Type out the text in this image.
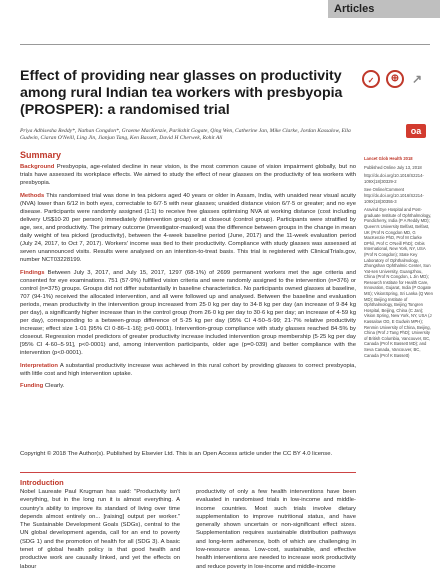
Articles
Effect of providing near glasses on productivity among rural Indian tea workers with presbyopia (PROSPER): a randomised trial
✓	⊕	↗
oa
Priya Adhisesha Reddy*, Nathan Congdon*, Graeme MacKenzie, Parikshit Gogate, Qing Wen, Catherine Jan, Mike Clarke, Jordan Kassalow, Ella Gudwin, Ciaran O'Neill, Ling Jin, Jianjun Tang, Ken Bassett, David H Cherwek, Rohit Ali
Summary

Background Presbyopia, age-related decline in near vision, is the most common cause of vision impairment globally, but no trials have assessed its workplace effects. We aimed to study the effect of near glasses on the productivity of tea workers with presbyopia.

Methods This randomised trial was done in tea pickers aged 40 years or older in Assam, India, with unaided near visual acuity (NVA) lower than 6/12 in both eyes, correctable to 6/7·5 with near glasses; unaided distance vision 6/7·5 or greater; and no eye disease. Participants were randomly assigned (1:1) to receive free glasses optimising NVA at working distance (cost including delivery US$10·20 per person) immediately (intervention group) or at closeout (control group). Participants were stratified by age, sex, and productivity. The primary outcome (investigator-masked) was the difference between groups in the change in mean daily weight of tea picked (productivity), between the 4-week baseline period (June, 2017) and the 11-week evaluation period (July 24, 2017, to Oct 7, 2017). Workers' income was tied to their productivity. Compliance with study glasses was assessed at seven unannounced visits. Results were analysed on an intention-to-treat basis. This trial is registered with ClinicalTrials.gov, number NCT03228199.

Findings Between July 3, 2017, and July 15, 2017, 1297 (68·1%) of 2699 permanent workers met the age criteria and consented for eye examinations. 751 (57·9%) fulfilled vision criteria and were randomly assigned to the intervention (n=376) or control (n=375) groups. Groups did not differ substantially in baseline characteristics. No participants owned glasses at baseline, 707 (94·1%) received the allocated intervention, and all were followed up and analysed. Between the baseline and evaluation periods, mean productivity in the intervention group increased from 25·0 kg per day to 34·8 kg per day (an increase of 9·84 kg per day), a significantly higher increase than in the control group (from 26·0 kg per day to 30·6 kg per day; an increase of 4·59 kg per day), corresponding to a between-group difference of 5·25 kg per day (95% CI 4·50–5·99; 21·7% relative productivity increase; effect size 1·01 [95% CI 0·86–1·16]; p<0·0001). Intervention-group compliance with study glasses reached 84·5% by closeout. Regression model predictors of greater productivity increase included intervention group membership (5·25 kg per day [95% CI 4·60–5·91], p<0·0001) and, among intervention participants, older age (p=0·039) and better compliance with the intervention (p<0·0001).

Interpretation A substantial productivity increase was achieved in this rural cohort by providing glasses to correct presbyopia, with little cost and high intervention uptake.

Funding Clearly.

Lancet Glob Health 2018

Published Online July 13, 2018

http://dx.doi.org/10.1016/S2214-109X(18)30329-2

See Online/Comment http://dx.doi.org/10.1016/S2214-109X(18)30355-3

Aravind Eye Hospital and Post-graduate Institute of Ophthalmology, Pondicherry, India (P A Reddy MD); Queen's University Belfast, Belfast, UK (Prof N Congdon MD, G MacKenzie PhD, Prof M Clarke DPhil, Prof C O'Neill PhD); Orbis International, New York, NY, USA (Prof N Congdon); State Key Laboratory of Ophthalmology, Zhongshan Ophthalmic Center, Sun Yat-sen University, Guangzhou, China (Prof N Congdon, L Jin MD); Research Institute for Health Care, Innovation, Gujarat, India (P Gogate MS); VisionSpring, Sri Lanka (Q Wen MD); Beijing Institute of Ophthalmology, Beijing Tongren Hospital, Beijing, China (C Jan); Vision Spring, New York, NY, USA (J Kassalow OD, E Gudwin MPH); Renmin University of China, Beijing, China (Prof J Tang PhD); University of British Columbia, Vancouver, BC, Canada (Prof K Bassett MD); and Seva Canada, Vancouver, BC, Canada (Prof K Bassett)

Copyright © 2018 The Author(s). Published by Elsevier Ltd. This is an Open Access article under the CC BY 4.0 license.
Introduction
Nobel Laureate Paul Krugman has said: "Productivity isn't everything, but in the long run it is almost everything. A country's ability to improve its standard of living over time depends almost entirely on... [raising] output per worker." The Sustainable Development Goals (SDGs), central to the UN global development agenda, call for an end to poverty (SDG 1) and the promotion of health for all (SDG 3). A basic tenet of global health policy is that good health and productive work are causally linked, and yet the effects on labour
productivity of only a few health interventions have been evaluated in randomised trials in low-income and middle-income countries. Most such trials involve dietary supplementation to improve nutritional status, and have generally shown uncertain or non-significant effect sizes. Supplementation requires sustainable distribution pathways and long-term adherence, both of which are challenging in low-resource areas. Low-cost, sustainable, and effective health interventions are needed to increase work productivity and reduce poverty in low-income and middle-income
